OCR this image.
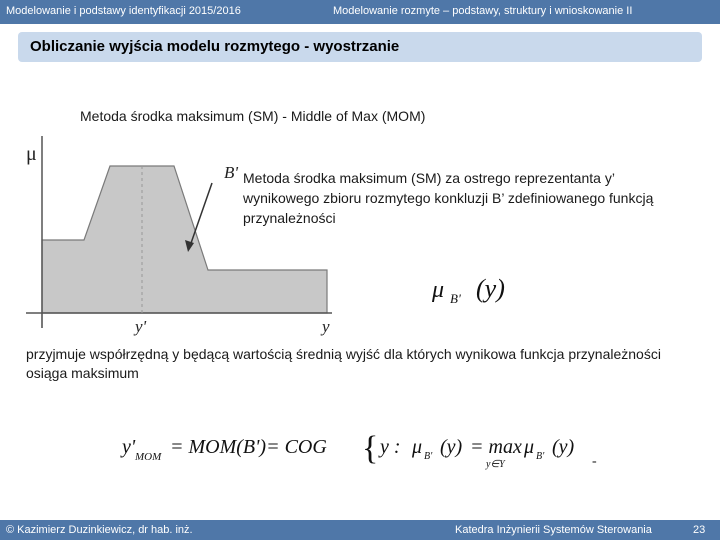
Modelowanie i podstawy identyfikacji 2015/2016	Modelowanie rozmyte – podstawy, struktury i wnioskowanie II
Obliczanie wyjścia modelu rozmytego - wyostrzanie
Metoda środka maksimum (SM) - Middle of Max (MOM)
μ
B'
y'	y
Metoda środka maksimum (SM) za ostrego reprezentanta y’ wynikowego zbioru rozmytego konkluzji B’ zdefiniowanego funkcją przynależności
μ B' (y)
przyjmuje współrzędną y będącą wartością średnią wyjść dla których wynikowa funkcja przynależności osiąga maksimum
y' MOM = MOM(B')= COG { y : μ B' (y) = max
y∈Y
μ B' (y)
-
© Kazimierz Duzinkiewicz, dr hab. inż.	Katedra Inżynierii Systemów Sterowania	23
